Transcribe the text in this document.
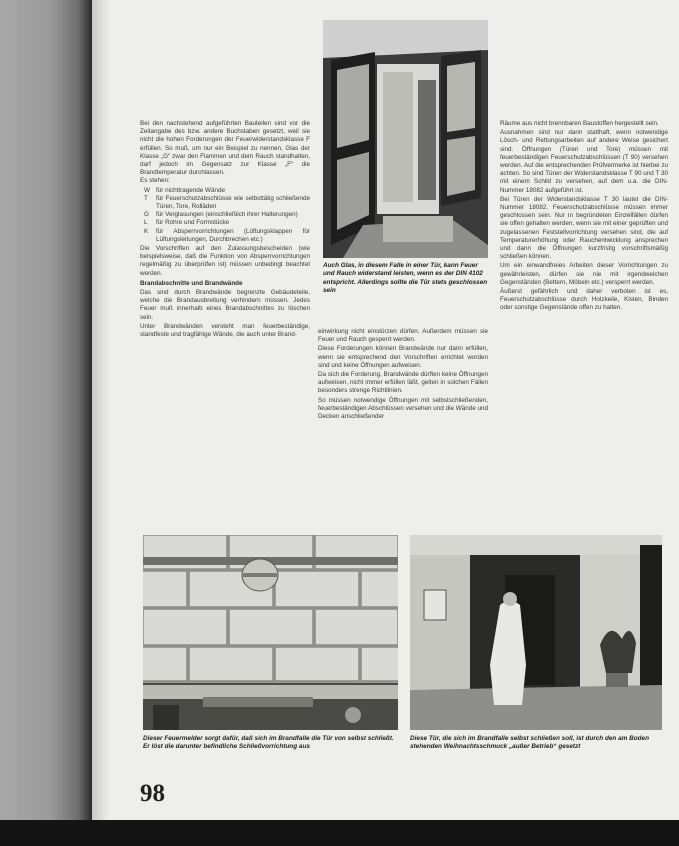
Auch Glas, in diesem Falle in einer Tür, kann Feuer und Rauch widerstand leisten, wenn es der DIN 4102 entspricht. Allerdings sollte die Tür stets geschlossen sein

Bei den nachstehend aufgeführten Bauteilen sind vor die Zeitangabe des bzw. andere Buchstaben gesetzt, weil sie nicht die hohen Forderungen der Feuerwiderstandsklasse F erfüllen. So muß, um nur ein Beispiel zu nennen, Glas der Klasse „G“ zwar den Flammen und dem Rauch standhalten, darf jedoch im Gegensatz zur Klasse „F“ die Brandtemperatur durchlassen.

Es stehen:

W für nichttragende Wände
T für Feuerschutzabschlüsse wie selbsttätig schließende Türen, Tore, Rolläden
G für Verglasungen (einschließlich ihrer Halterungen)
L für Rohre und Formstücke
K für Absperrvorrichtungen (Lüftungsklappen für Lüftungsleitungen, Durchbrechen etc.)

Die Vorschriften auf den Zulassungsbescheiden (wie beispielsweise, daß die Funktion von Absperrvorrichtungen regelmäßig zu überprüfen ist) müssen unbedingt beachtet werden.

Brandabschnitte und Brandwände

Das sind durch Brandwände begrenzte Gebäudeteile, welche die Brandausbreitung verhindern müssen. Jedes Feuer muß innerhalb eines Brandabschnittes zu löschen sein.

Unter Brandwänden versteht man feuerbeständige, standfeste und tragfähige Wände, die auch unter Brand-	einwirkung nicht einstürzen dürfen. Außerdem müssen sie Feuer und Rauch gesperrt werden.

Diese Forderungen können Brandwände nur dann erfüllen, wenn sie entsprechend den Vorschriften errichtet worden sind und keine Öffnungen aufweisen.

Da sich die Forderung, Brandwände dürften keine Öffnungen aufweisen, nicht immer erfüllen läßt, gelten in solchen Fällen besonders strenge Richtlinien.

So müssen notwendige Öffnungen mit selbstschließenden, feuerbeständigen Abschlüssen versehen und die Wände und Decken anschließender

Räume aus nicht brennbaren Baustoffen hergestellt sein.

Ausnahmen sind nur dann statthaft, wenn notwendige Lösch- und Rettungsarbeiten auf andere Weise gesichert sind. Öffnungen (Türen und Tore) müssen mit feuerbeständigen Feuerschutzabschlüssen (T 90) versehen werden. Auf die entsprechenden Prüfvermerke ist hierbei zu achten. So sind Türen der Widerstandsklasse T 90 und T 30 mit einem Schild zu versehen, auf dem u.a. die DIN-Nummer 18082 aufgeführt ist.

Bei Türen der Widerstandsklasse T 30 lautet die DIN-Nummer 18082. Feuerschutzabschlüsse müssen immer geschlossen sein. Nur in begründeten Einzelfällen dürfen sie offen gehalten werden, wenn sie mit einer geprüften und zugelassenen Feststellvorrichtung versehen sind, die auf Temperaturerhöhung oder Rauchentwicklung ansprechen und dann die Öffnungen kurzfristig vorschriftsmäßig schließen können.

Um ein einwandfreies Arbeiten dieser Vorrichtungen zu gewährleisten, dürfen sie nie mit irgendwelchen Gegenständen (Bettern, Möbeln etc.) versperrt werden.

Äußerst gefährlich und daher verboten ist es, Feuerschutzabschlüsse durch Holzkeile, Kisten, Binden oder sonstige Gegenstände offen zu halten.

Dieser Feuermelder sorgt dafür, daß sich im Brandfalle die Tür von selbst schließt. Er löst die darunter befindliche Schließvorrichtung aus

Diese Tür, die sich im Brandfalle selbst schließen soll, ist durch den am Boden stehenden Weihnachtsschmuck „außer Betrieb“ gesetzt

98
